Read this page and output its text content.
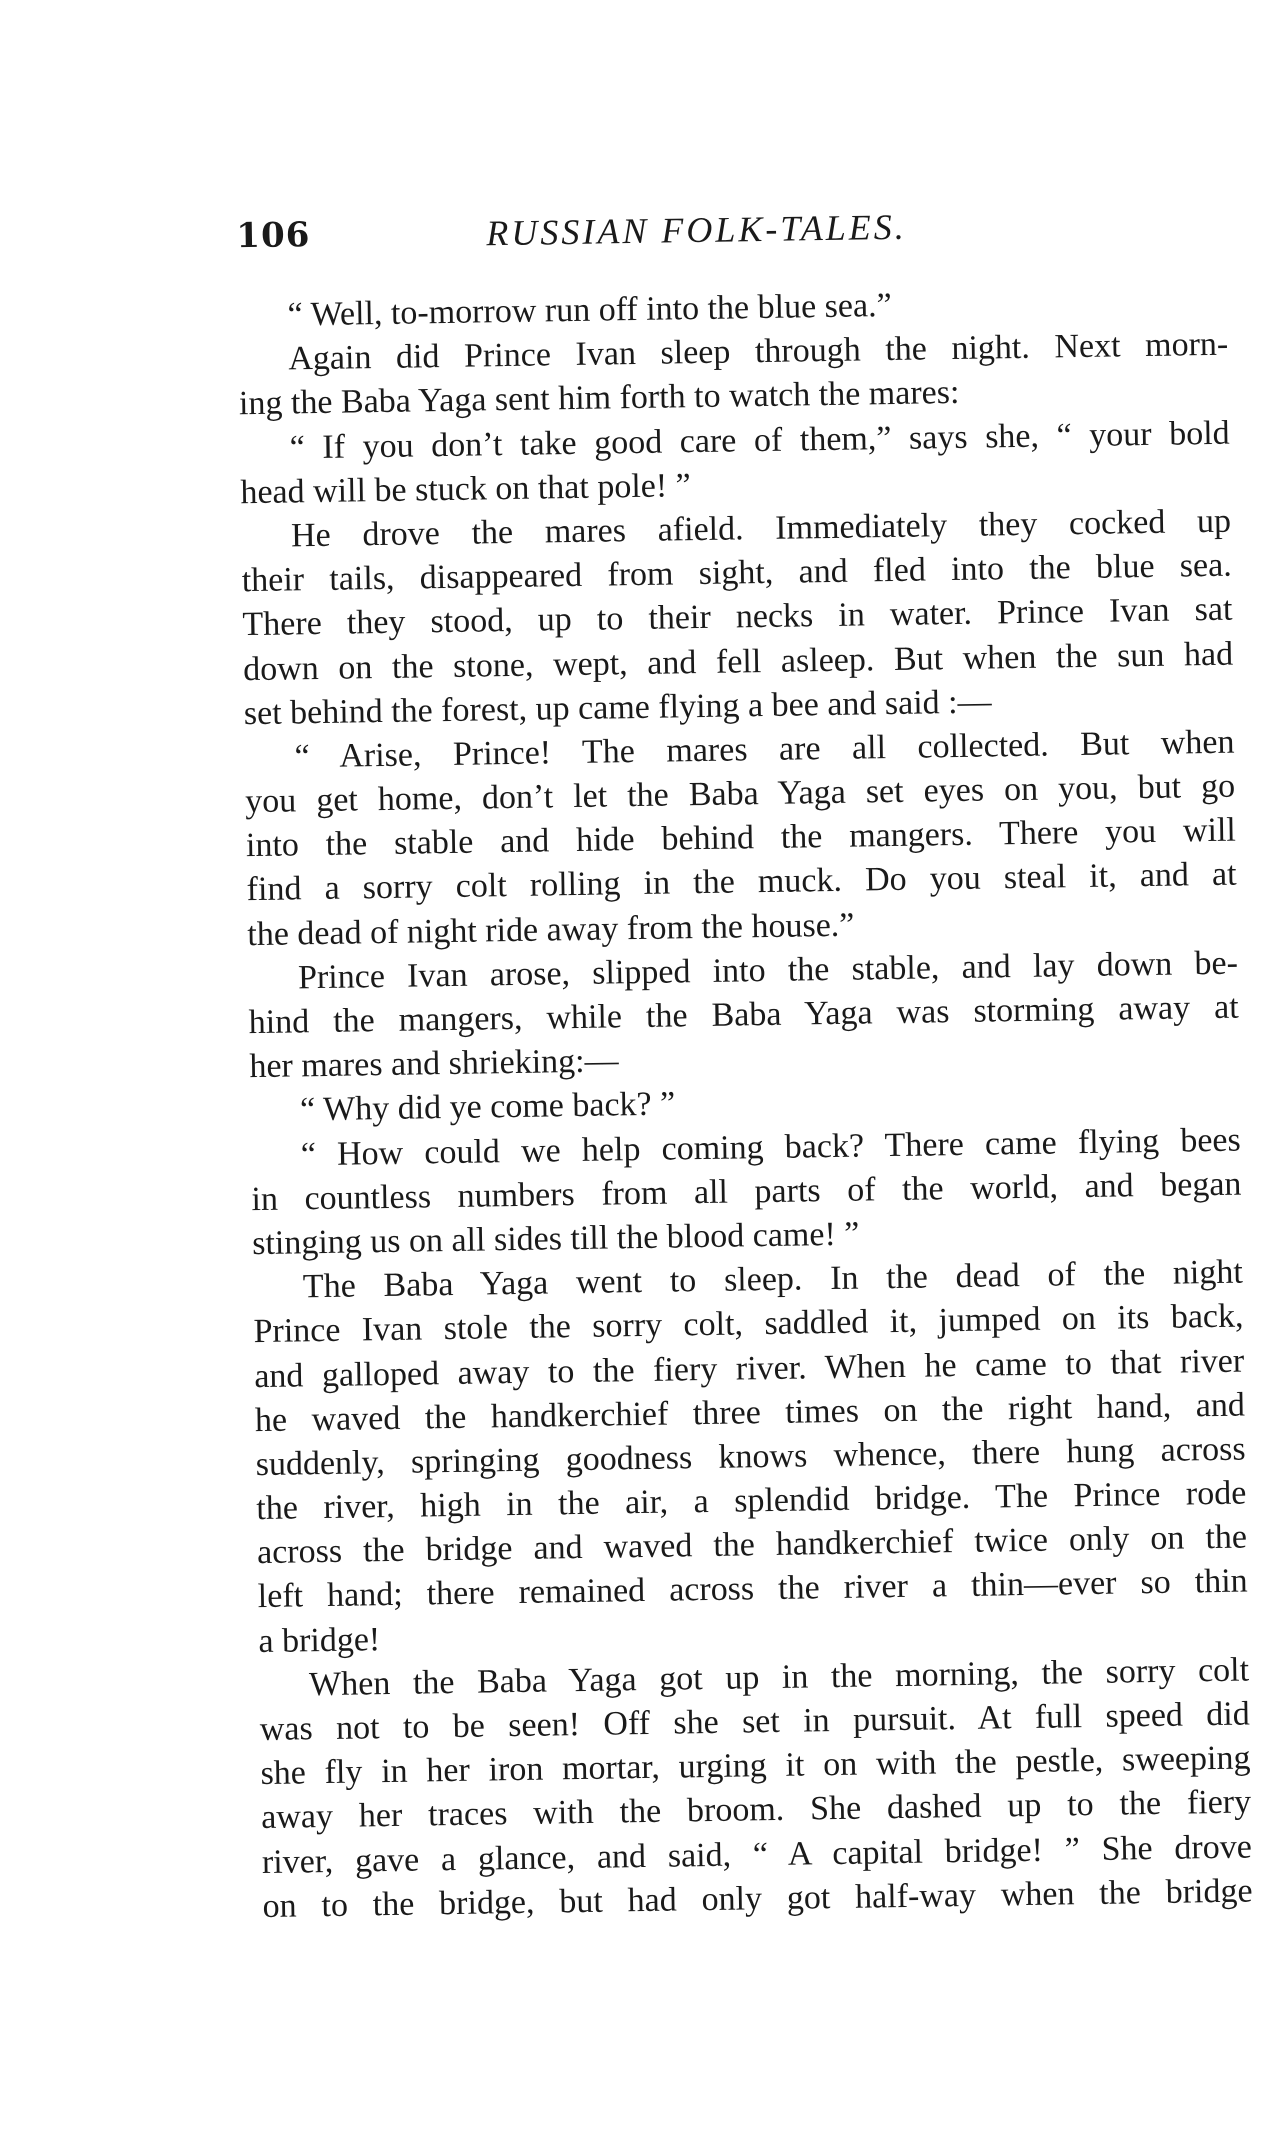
106	RUSSIAN FOLK-TALES.
“ Well, to-morrow run off into the blue sea.”
Again did Prince Ivan sleep through the night. Next morn-
ing the Baba Yaga sent him forth to watch the mares:
“ If you don’t take good care of them,” says she, “ your bold
head will be stuck on that pole! ”
He drove the mares afield. Immediately they cocked up
their tails, disappeared from sight, and fled into the blue sea.
There they stood, up to their necks in water. Prince Ivan sat
down on the stone, wept, and fell asleep. But when the sun had
set behind the forest, up came flying a bee and said :—
“ Arise, Prince! The mares are all collected. But when
you get home, don’t let the Baba Yaga set eyes on you, but go
into the stable and hide behind the mangers. There you will
find a sorry colt rolling in the muck. Do you steal it, and at
the dead of night ride away from the house.”
Prince Ivan arose, slipped into the stable, and lay down be-
hind the mangers, while the Baba Yaga was storming away at
her mares and shrieking:—
“ Why did ye come back? ”
“ How could we help coming back? There came flying bees
in countless numbers from all parts of the world, and began
stinging us on all sides till the blood came! ”
The Baba Yaga went to sleep. In the dead of the night
Prince Ivan stole the sorry colt, saddled it, jumped on its back,
and galloped away to the fiery river. When he came to that river
he waved the handkerchief three times on the right hand, and
suddenly, springing goodness knows whence, there hung across
the river, high in the air, a splendid bridge. The Prince rode
across the bridge and waved the handkerchief twice only on the
left hand; there remained across the river a thin—ever so thin
a bridge!
When the Baba Yaga got up in the morning, the sorry colt
was not to be seen! Off she set in pursuit. At full speed did
she fly in her iron mortar, urging it on with the pestle, sweeping
away her traces with the broom. She dashed up to the fiery
river, gave a glance, and said, “ A capital bridge! ” She drove
on to the bridge, but had only got half-way when the bridge
